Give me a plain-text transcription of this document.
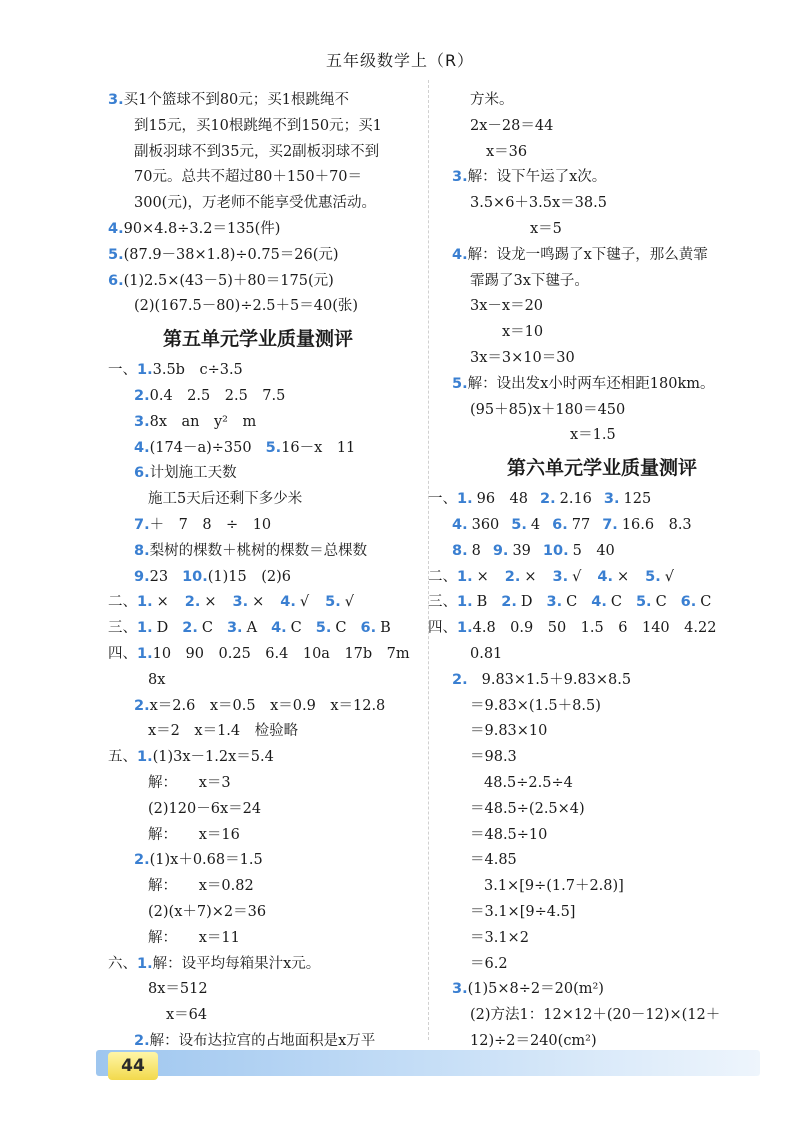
五年级数学上（R）
3.买1个篮球不到80元；买1根跳绳不
到15元，买10根跳绳不到150元；买1
副板羽球不到35元，买2副板羽球不到
70元。总共不超过80＋150＋70＝
300(元)，万老师不能享受优惠活动。
4.90×4.8÷3.2＝135(件)
5.(87.9－38×1.8)÷0.75＝26(元)
6.(1)2.5×(43－5)＋80＝175(元)
(2)(167.5－80)÷2.5＋5＝40(张)
第五单元学业质量测评
一、1.3.5b　c÷3.5
2.0.4　2.5　2.5　7.5
3.8x　an　y²　m
4.(174－a)÷350 5.16－x　11
6.计划施工天数
施工5天后还剩下多少米
7.＋　7　8　÷　10
8.梨树的棵数＋桃树的棵数＝总棵数
9.23 10.(1)15　(2)6
二、1. × 2. × 3. × 4. √ 5. √
三、1. D 2. C 3. A 4. C 5. C 6. B
四、1.10　90　0.25　6.4　10a　17b　7m
8x
2.x＝2.6　x＝0.5　x＝0.9　x＝12.8
x＝2　x＝1.4　检验略
五、1.(1)3x－1.2x＝5.4
解：　　x＝3
(2)120－6x＝24
解：　　x＝16
2.(1)x＋0.68＝1.5
解：　　x＝0.82
(2)(x＋7)×2＝36
解：　　x＝11
六、1.解：设平均每箱果汁x元。
8x＝512
x＝64
2.解：设布达拉宫的占地面积是x万平
方米。
2x－28＝44
x＝36
3.解：设下午运了x次。
3.5×6＋3.5x＝38.5
x＝5
4.解：设龙一鸣踢了x下毽子，那么黄霏
霏踢了3x下毽子。
3x－x＝20
x＝10
3x＝3×10＝30
5.解：设出发x小时两车还相距180km。
(95＋85)x＋180＝450
x＝1.5
第六单元学业质量测评
一、1. 96　48 2. 2.16 3. 125
4. 360 5. 4 6. 77 7. 16.6　8.3
8. 8 9. 39 10. 5　40
二、1. × 2. × 3. √ 4. × 5. √
三、1. B 2. D 3. C 4. C 5. C 6. C
四、1.4.8　0.9　50　1.5　6　140　4.22
0.81
2. 9.83×1.5＋9.83×8.5
＝9.83×(1.5＋8.5)
＝9.83×10
＝98.3
48.5÷2.5÷4
＝48.5÷(2.5×4)
＝48.5÷10
＝4.85
3.1×[9÷(1.7＋2.8)]
＝3.1×[9÷4.5]
＝3.1×2
＝6.2
3.(1)5×8÷2＝20(m²)
(2)方法1：12×12＋(20－12)×(12＋
12)÷2＝240(cm²)
44
